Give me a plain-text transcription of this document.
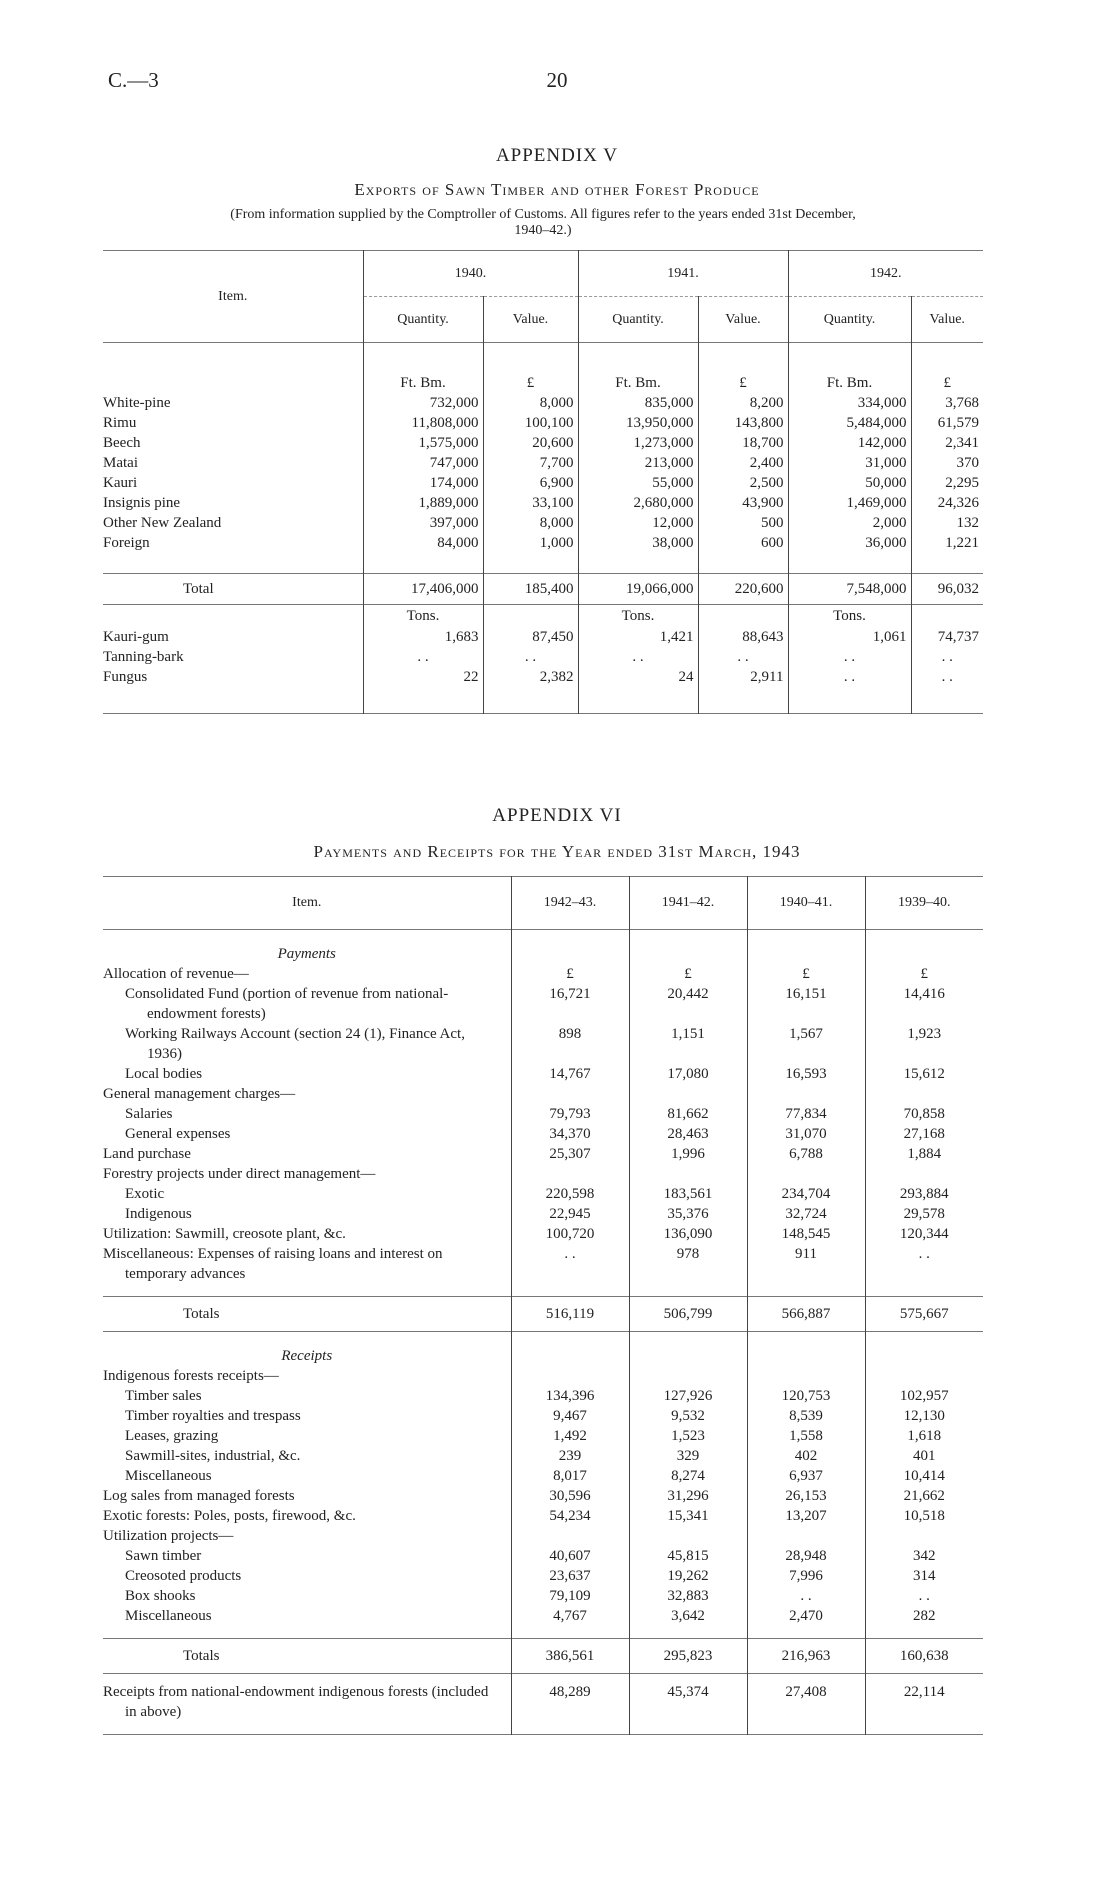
C.—3	20
APPENDIX V
Exports of Sawn Timber and other Forest Produce
(From information supplied by the Comptroller of Customs. All figures refer to the years ended 31st December,
1940–42.)
Item.	1940.		1941.		1942.	
	Quantity.	Value.	Quantity.	Value.	Quantity.	Value.

	Ft. Bm.	£	Ft. Bm.	£	Ft. Bm.	£
White-pine	732,000	8,000	835,000	8,200	334,000	3,768
Rimu	11,808,000	100,100	13,950,000	143,800	5,484,000	61,579
Beech	1,575,000	20,600	1,273,000	18,700	142,000	2,341
Matai	747,000	7,700	213,000	2,400	31,000	370
Kauri	174,000	6,900	55,000	2,500	50,000	2,295
Insignis pine	1,889,000	33,100	2,680,000	43,900	1,469,000	24,326
Other New Zealand	397,000	8,000	12,000	500	2,000	132
Foreign	84,000	1,000	38,000	600	36,000	1,221

Total	17,406,000	185,400	19,066,000	220,600	7,548,000	96,032
	Tons.		Tons.		Tons.	
Kauri-gum	1,683	87,450	1,421	88,643	1,061	74,737
Tanning-bark	. .	. .	. .	. .	. .	. .
Fungus	22	2,382	24	2,911	. .	. .

APPENDIX VI
Payments and Receipts for the Year ended 31st March, 1943
Item.	1942–43.	1941–42.	1940–41.	1939–40.

Payments				
Allocation of revenue—	£	£	£	£
Consolidated Fund (portion of revenue from national-endowment forests)	16,721	20,442	16,151	14,416
Working Railways Account (section 24 (1), Finance Act, 1936)	898	1,151	1,567	1,923
Local bodies	14,767	17,080	16,593	15,612
General management charges—				
Salaries	79,793	81,662	77,834	70,858
General expenses	34,370	28,463	31,070	27,168
Land purchase	25,307	1,996	6,788	1,884
Forestry projects under direct management—				
Exotic	220,598	183,561	234,704	293,884
Indigenous	22,945	35,376	32,724	29,578
Utilization: Sawmill, creosote plant, &c.	100,720	136,090	148,545	120,344
Miscellaneous: Expenses of raising loans and interest on temporary advances	. .	978	911	. .

Totals	516,119	506,799	566,887	575,667

Receipts				
Indigenous forests receipts—				
Timber sales	134,396	127,926	120,753	102,957
Timber royalties and trespass	9,467	9,532	8,539	12,130
Leases, grazing	1,492	1,523	1,558	1,618
Sawmill-sites, industrial, &c.	239	329	402	401
Miscellaneous	8,017	8,274	6,937	10,414
Log sales from managed forests	30,596	31,296	26,153	21,662
Exotic forests: Poles, posts, firewood, &c.	54,234	15,341	13,207	10,518
Utilization projects—				
Sawn timber	40,607	45,815	28,948	342
Creosoted products	23,637	19,262	7,996	314
Box shooks	79,109	32,883	. .	. .
Miscellaneous	4,767	3,642	2,470	282

Totals	386,561	295,823	216,963	160,638

Receipts from national-endowment indigenous forests (included in above)	48,289	45,374	27,408	22,114
